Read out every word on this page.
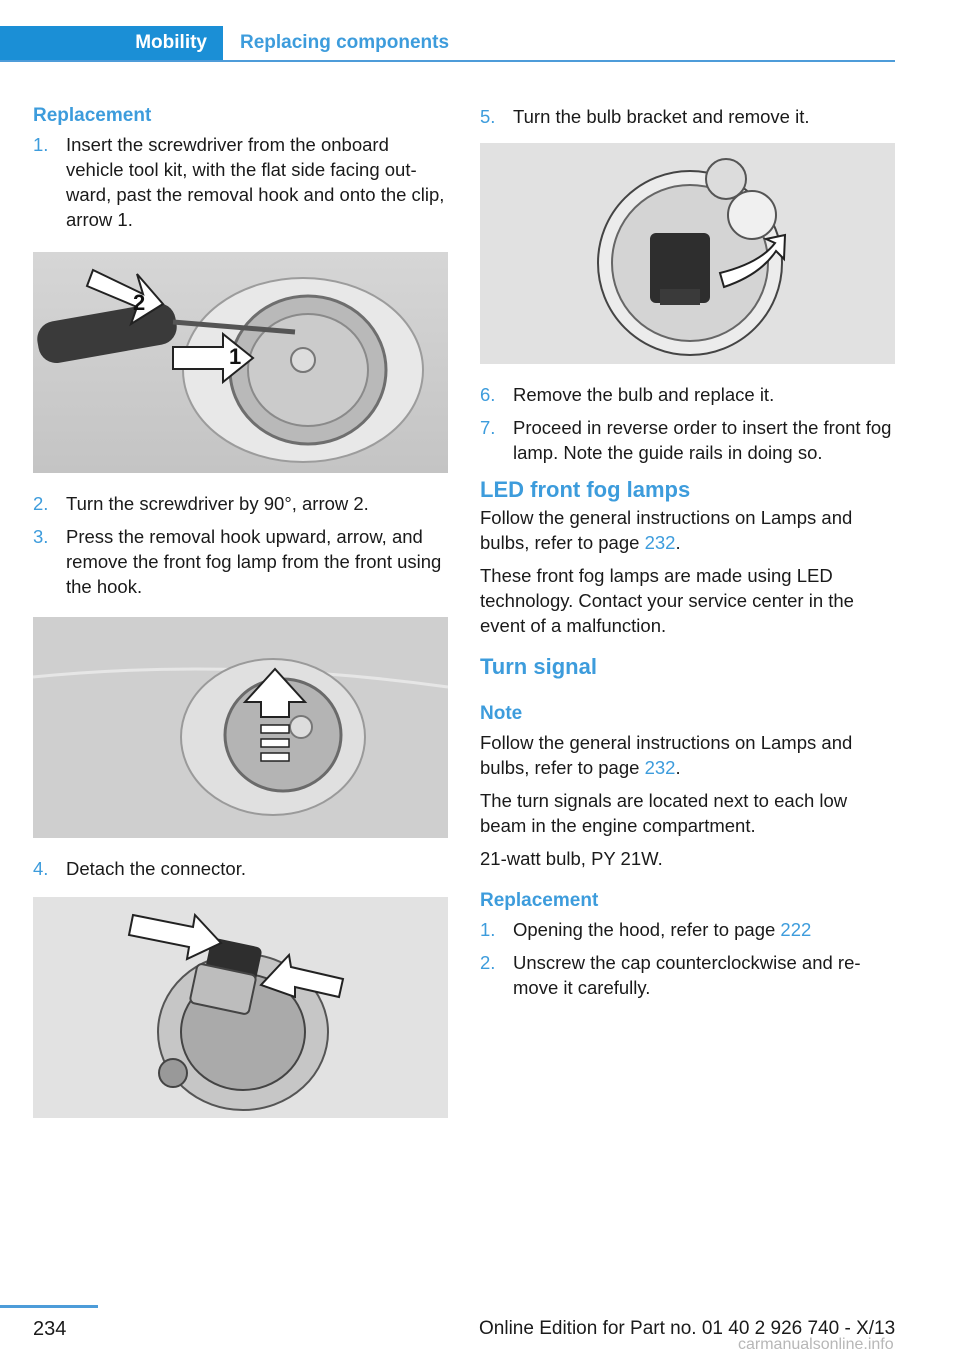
Mobility	Replacing components
Replacement
1. Insert the screwdriver from the onboard vehicle tool kit, with the flat side facing out-ward, past the removal hook and onto the clip, arrow 1.
2
1
2. Turn the screwdriver by 90°, arrow 2.
3. Press the removal hook upward, arrow, and remove the front fog lamp from the front using the hook.
4. Detach the connector.
5. Turn the bulb bracket and remove it.
6. Remove the bulb and replace it.
7. Proceed in reverse order to insert the front fog lamp. Note the guide rails in doing so.
LED front fog lamps
Follow the general instructions on Lamps and bulbs, refer to page 232.
These front fog lamps are made using LED technology. Contact your service center in the event of a malfunction.
Turn signal
Note
Follow the general instructions on Lamps and bulbs, refer to page 232.
The turn signals are located next to each low beam in the engine compartment.
21-watt bulb, PY 21W.
Replacement
1. Opening the hood, refer to page 222
2. Unscrew the cap counterclockwise and re-move it carefully.
234	Online Edition for Part no. 01 40 2 926 740 - X/13
carmanualsonline.info
